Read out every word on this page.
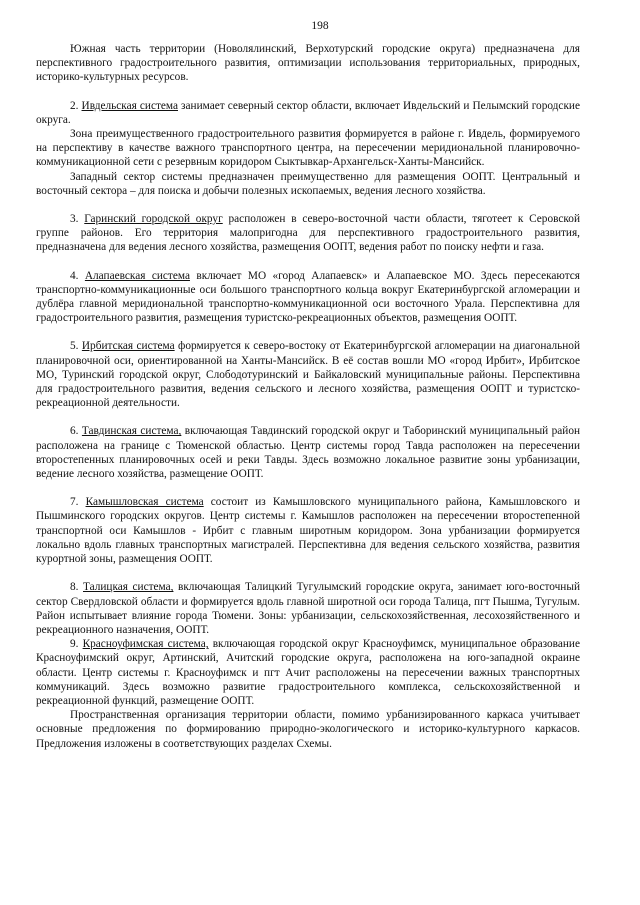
198

Южная часть территории (Новолялинский, Верхотурский городские округа) предназначена для перспективного градостроительного развития, оптимизации использования территориальных, природных, историко-культурных ресурсов.

2. Ивдельская система занимает северный сектор области, включает Ивдельский и Пелымский городские округа.

Зона преимущественного градостроительного развития формируется в районе г. Ивдель, формируемого на перспективу в качестве важного транспортного центра, на пересечении меридиональной планировочно-коммуникационной сети с резервным коридором Сыктывкар-Архангельск-Ханты-Мансийск.

Западный сектор системы предназначен преимущественно для размещения ООПТ. Центральный и восточный сектора – для поиска и добычи полезных ископаемых, ведения лесного хозяйства.

3. Гаринский городской округ расположен в северо-восточной части области, тяготеет к Серовской группе районов. Его территория малопригодна для перспективного градостроительного развития, предназначена для ведения лесного хозяйства, размещения ООПТ, ведения работ по поиску нефти и газа.

4. Алапаевская система включает МО «город Алапаевск» и Алапаевское МО. Здесь пересекаются транспортно-коммуникационные оси большого транспортного кольца вокруг Екатеринбургской агломерации и дублёра главной меридиональной транспортно-коммуникационной оси восточного Урала. Перспективна для градостроительного развития, размещения туристско-рекреационных объектов, размещения ООПТ.

5. Ирбитская система формируется к северо-востоку от Екатеринбургской агломерации на диагональной планировочной оси, ориентированной на Ханты-Мансийск. В её состав вошли МО «город Ирбит», Ирбитское МО, Туринский городской округ, Слободотуринский и Байкаловский муниципальные районы. Перспективна для градостроительного развития, ведения сельского и лесного хозяйства, размещения ООПТ и туристско-рекреационной деятельности.

6. Тавдинская система, включающая Тавдинский городской округ и Таборинский муниципальный район расположена на границе с Тюменской областью. Центр системы город Тавда расположен на пересечении второстепенных планировочных осей и реки Тавды. Здесь возможно локальное развитие зоны урбанизации, ведение лесного хозяйства, размещение ООПТ.

7. Камышловская система состоит из Камышловского муниципального района, Камышловского и Пышминского городских округов. Центр системы г. Камышлов расположен на пересечении второстепенной транспортной оси Камышлов - Ирбит с главным широтным коридором. Зона урбанизации формируется локально вдоль главных транспортных магистралей. Перспективна для ведения сельского хозяйства, развития курортной зоны, размещения ООПТ.

8. Талицкая система, включающая Талицкий Тугулымский городские округа, занимает юго-восточный сектор Свердловской области и формируется вдоль главной широтной оси города Талица, пгт Пышма, Тугулым. Район испытывает влияние города Тюмени. Зоны: урбанизации, сельскохозяйственная, лесохозяйственного и рекреационного назначения, ООПТ.

9. Красноуфимская система, включающая городской округ Красноуфимск, муниципальное образование Красноуфимский округ, Артинский, Ачитский городские округа, расположена на юго-западной окраине области. Центр системы г. Красноуфимск и пгт Ачит расположены на пересечении важных транспортных коммуникаций. Здесь возможно развитие градостроительного комплекса, сельскохозяйственной и рекреационной функций, размещение ООПТ.

Пространственная организация территории области, помимо урбанизированного каркаса учитывает основные предложения по формированию природно-экологического и историко-культурного каркасов. Предложения изложены в соответствующих разделах Схемы.
